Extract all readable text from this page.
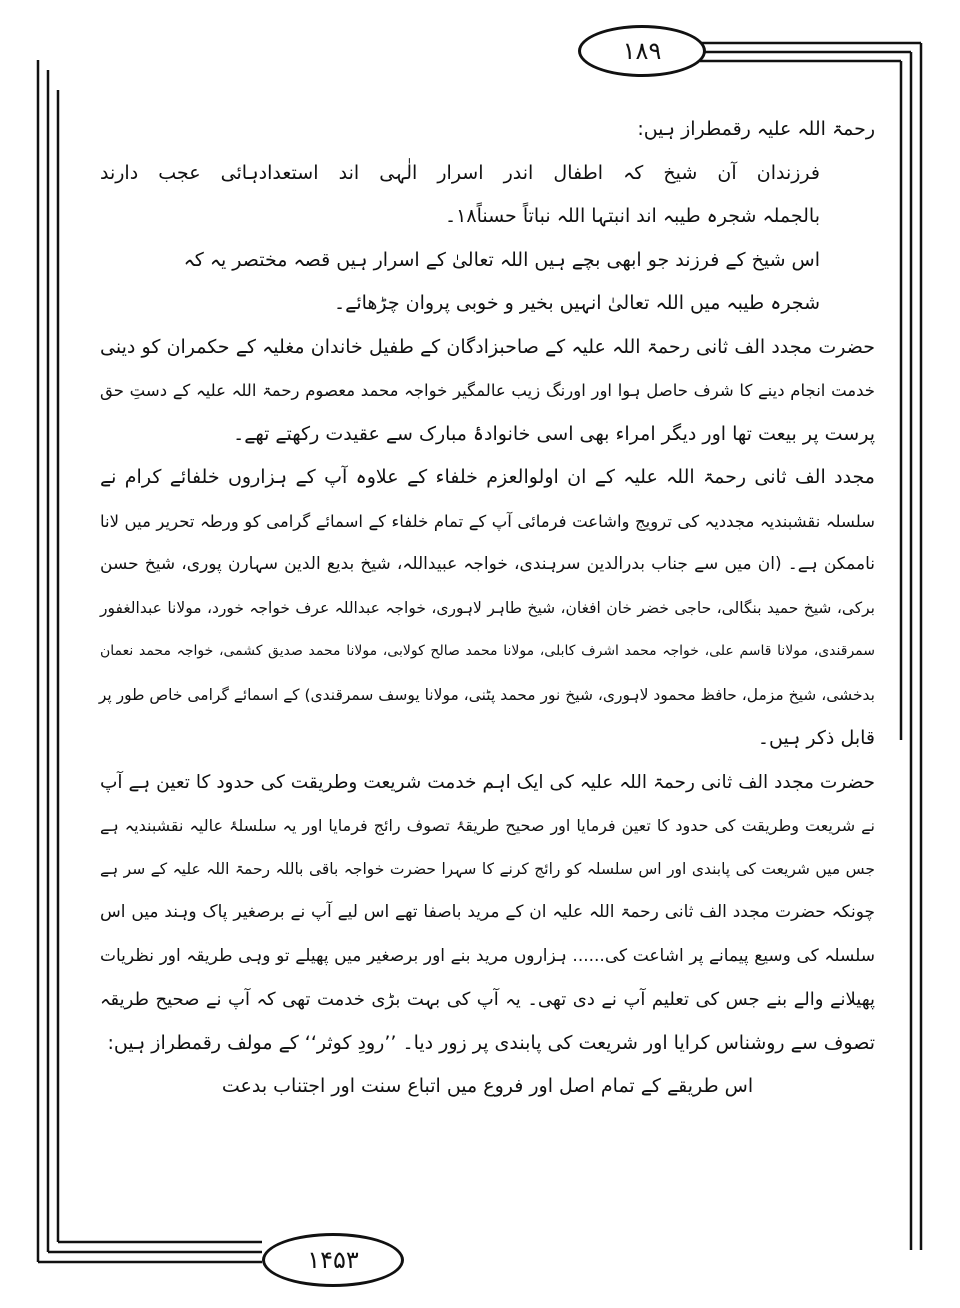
۱۸۹
۱۴۵۳
رحمۃ اللہ علیہ رقمطراز ہیں:
فرزندان آن شیخ کہ اطفال اندر اسرار الٰہی اند استعدادہائی عجب دارند
بالجملہ شجرہ طیبہ اند انبتہا اللہ نباتاً حسناً۱۸۔
اس شیخ کے فرزند جو ابھی بچے ہیں اللہ تعالیٰ کے اسرار ہیں قصہ مختصر یہ کہ
شجرہ طیبہ میں اللہ تعالیٰ انہیں بخیر و خوبی پروان چڑھائے۔
حضرت مجدد الف ثانی رحمۃ اللہ علیہ کے صاحبزادگان کے طفیل خاندان مغلیہ کے حکمران کو دینی
خدمت انجام دینے کا شرف حاصل ہوا اور اورنگ زیب عالمگیر خواجہ محمد معصوم رحمۃ اللہ علیہ کے دستِ حق
پرست پر بیعت تھا اور دیگر امراء بھی اسی خانوادۂ مبارک سے عقیدت رکھتے تھے۔
مجدد الف ثانی رحمۃ اللہ علیہ کے ان اولوالعزم خلفاء کے علاوہ آپ کے ہزاروں خلفائے کرام نے
سلسلہ نقشبندیہ مجددیہ کی ترویج واشاعت فرمائی آپ کے تمام خلفاء کے اسمائے گرامی کو ورطہ تحریر میں لانا
ناممکن ہے۔ (ان میں سے جناب بدرالدین سرہندی، خواجہ عبیداللہ، شیخ بدیع الدین سہارن پوری، شیخ حسن
برکی، شیخ حمید بنگالی، حاجی خضر خان افغان، شیخ طاہر لاہوری، خواجہ عبداللہ عرف خواجہ خورد، مولانا عبدالغفور
سمرقندی، مولانا قاسم علی، خواجہ محمد اشرف کابلی، مولانا محمد صالح کولابی، مولانا محمد صدیق کشمی، خواجہ محمد نعمان
بدخشی، شیخ مزمل، حافظ محمود لاہوری، شیخ نور محمد پٹنی، مولانا یوسف سمرقندی) کے اسمائے گرامی خاص طور پر
قابل ذکر ہیں۔
حضرت مجدد الف ثانی رحمۃ اللہ علیہ کی ایک اہم خدمت شریعت وطریقت کی حدود کا تعین ہے آپ
نے شریعت وطریقت کی حدود کا تعین فرمایا اور صحیح طریقۂ تصوف رائج فرمایا اور یہ سلسلۂ عالیہ نقشبندیہ ہے
جس میں شریعت کی پابندی اور اس سلسلہ کو رائج کرنے کا سہرا حضرت خواجہ باقی باللہ رحمۃ اللہ علیہ کے سر ہے
چونکہ حضرت مجدد الف ثانی رحمۃ اللہ علیہ ان کے مرید باصفا تھے اس لیے آپ نے برصغیر پاک وہند میں اس
سلسلہ کی وسیع پیمانے پر اشاعت کی...... ہزاروں مرید بنے اور برصغیر میں پھیلے تو وہی طریقہ اور نظریات
پھیلانے والے بنے جس کی تعلیم آپ نے دی تھی۔ یہ آپ کی بہت بڑی خدمت تھی کہ آپ نے صحیح طریقہ
تصوف سے روشناس کرایا اور شریعت کی پابندی پر زور دیا۔ ’’رودِ کوثر‘‘ کے مولف رقمطراز ہیں:
اس طریقے کے تمام اصل اور فروع میں اتباع سنت اور اجتناب بدعت
